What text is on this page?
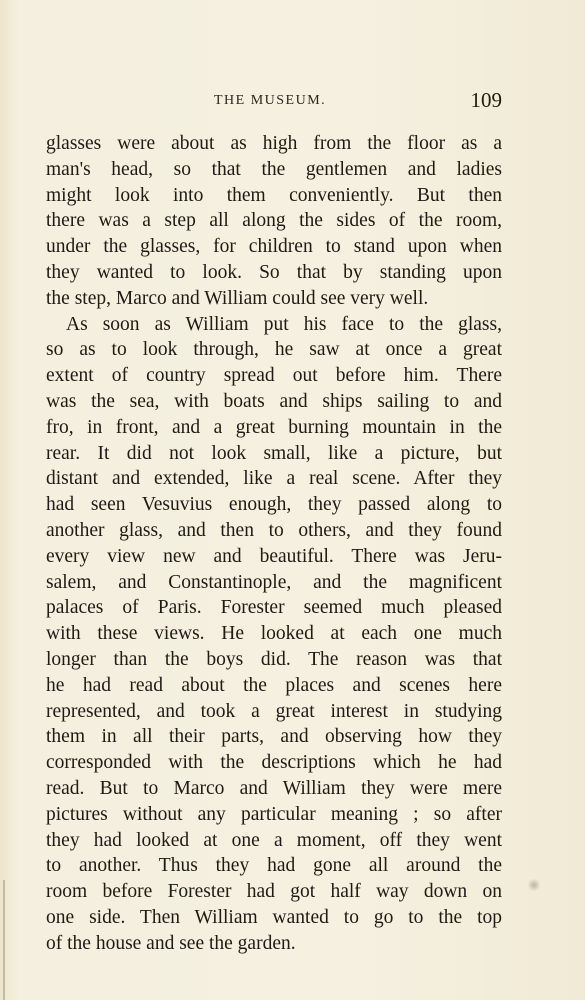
THE MUSEUM.	109
glasses were about as high from the floor as a
man's head, so that the gentlemen and ladies
might look into them conveniently. But then
there was a step all along the sides of the room,
under the glasses, for children to stand upon when
they wanted to look. So that by standing upon
the step, Marco and William could see very well.
As soon as William put his face to the glass,
so as to look through, he saw at once a great
extent of country spread out before him. There
was the sea, with boats and ships sailing to and
fro, in front, and a great burning mountain in the
rear. It did not look small, like a picture, but
distant and extended, like a real scene. After they
had seen Vesuvius enough, they passed along to
another glass, and then to others, and they found
every view new and beautiful. There was Jeru-
salem, and Constantinople, and the magnificent
palaces of Paris. Forester seemed much pleased
with these views. He looked at each one much
longer than the boys did. The reason was that
he had read about the places and scenes here
represented, and took a great interest in studying
them in all their parts, and observing how they
corresponded with the descriptions which he had
read. But to Marco and William they were mere
pictures without any particular meaning ; so after
they had looked at one a moment, off they went
to another. Thus they had gone all around the
room before Forester had got half way down on
one side. Then William wanted to go to the top
of the house and see the garden.
